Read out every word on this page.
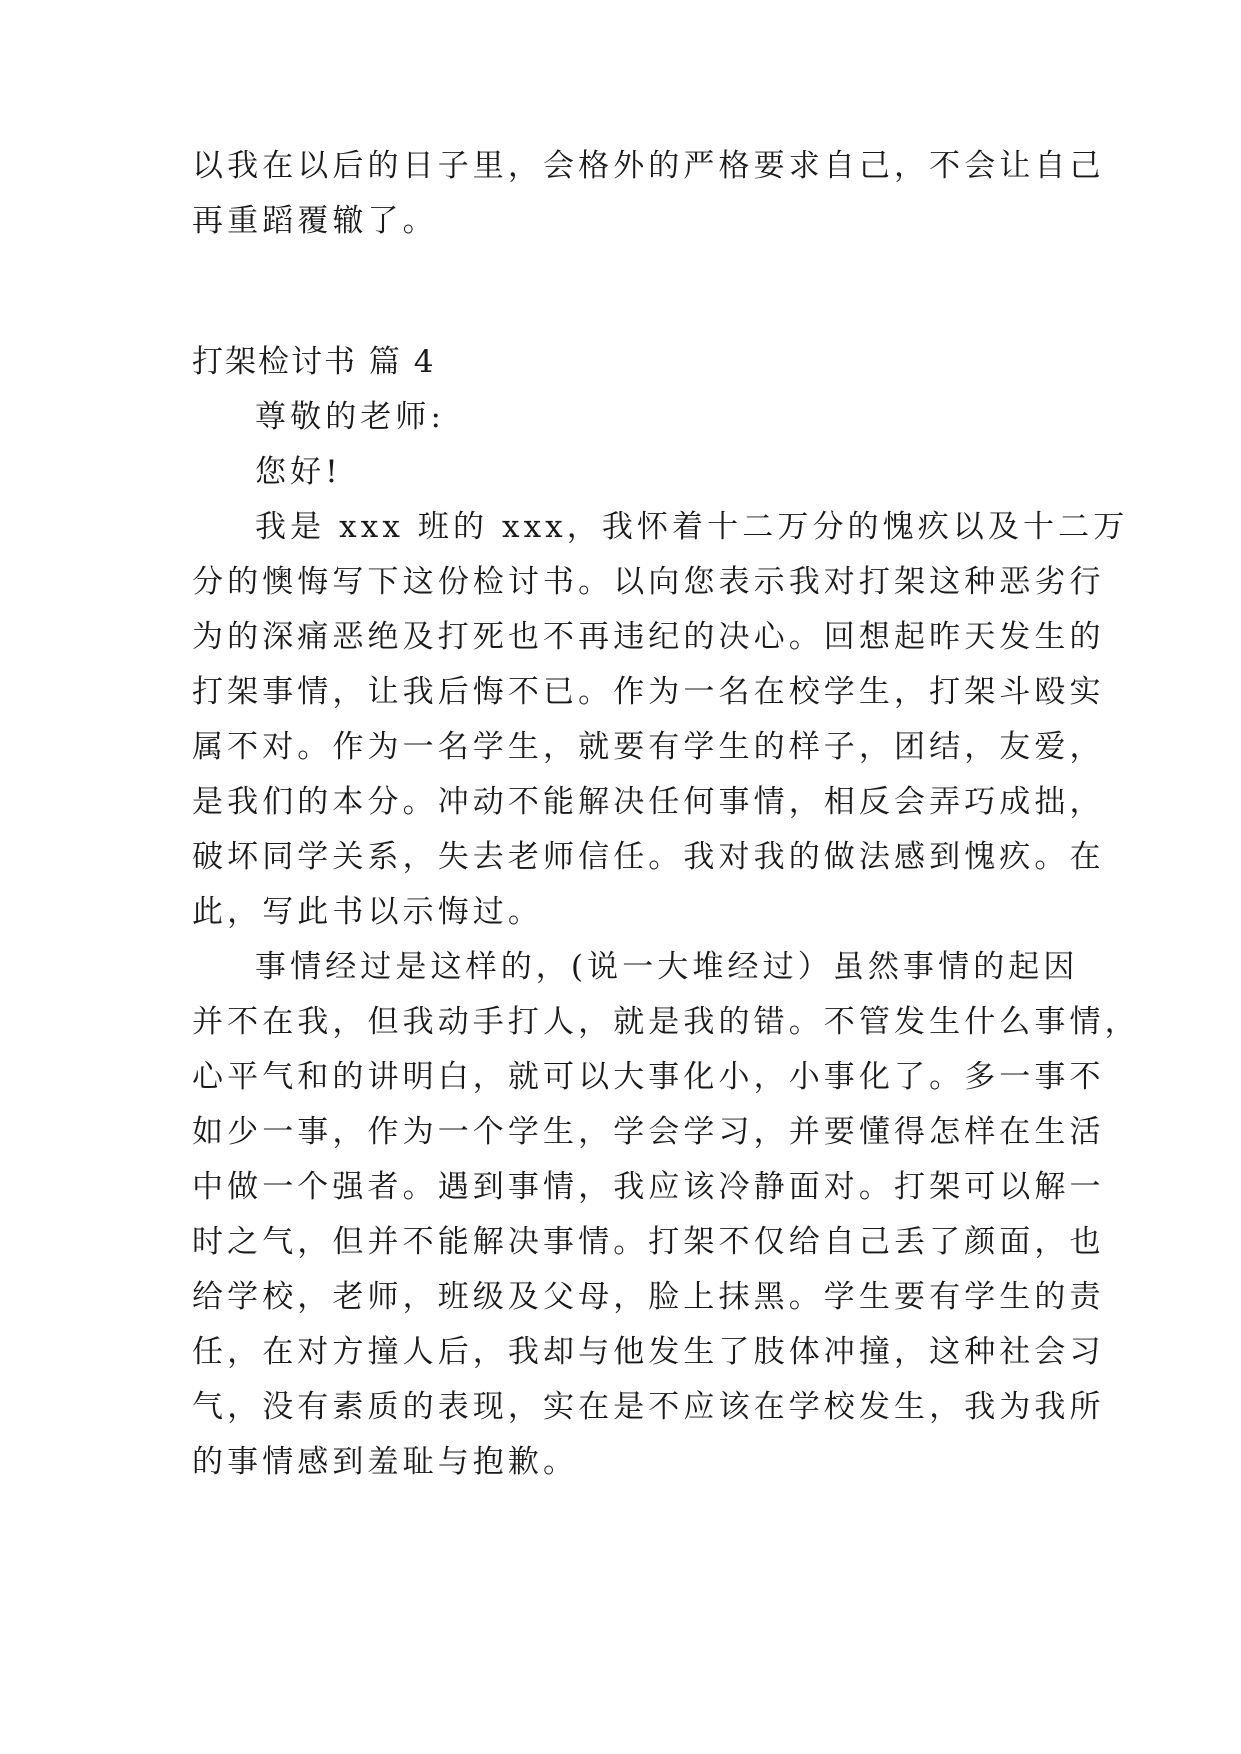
以我在以后的日子里，会格外的严格要求自己，不会让自己
再重蹈覆辙了。
打架检讨书 篇 4
尊敬的老师:
您好!
我是 xxx 班的 xxx，我怀着十二万分的愧疚以及十二万
分的懊悔写下这份检讨书。以向您表示我对打架这种恶劣行
为的深痛恶绝及打死也不再违纪的决心。回想起昨天发生的
打架事情，让我后悔不已。作为一名在校学生，打架斗殴实
属不对。作为一名学生，就要有学生的样子，团结，友爱，
是我们的本分。冲动不能解决任何事情，相反会弄巧成拙，
破坏同学关系，失去老师信任。我对我的做法感到愧疚。在
此，写此书以示悔过。
事情经过是这样的，(说一大堆经过）虽然事情的起因
并不在我，但我动手打人，就是我的错。不管发生什么事情，
心平气和的讲明白，就可以大事化小，小事化了。多一事不
如少一事，作为一个学生，学会学习，并要懂得怎样在生活
中做一个强者。遇到事情，我应该冷静面对。打架可以解一
时之气，但并不能解决事情。打架不仅给自己丢了颜面，也
给学校，老师，班级及父母，脸上抹黑。学生要有学生的责
任，在对方撞人后，我却与他发生了肢体冲撞，这种社会习
气，没有素质的表现，实在是不应该在学校发生，我为我所
的事情感到羞耻与抱歉。
